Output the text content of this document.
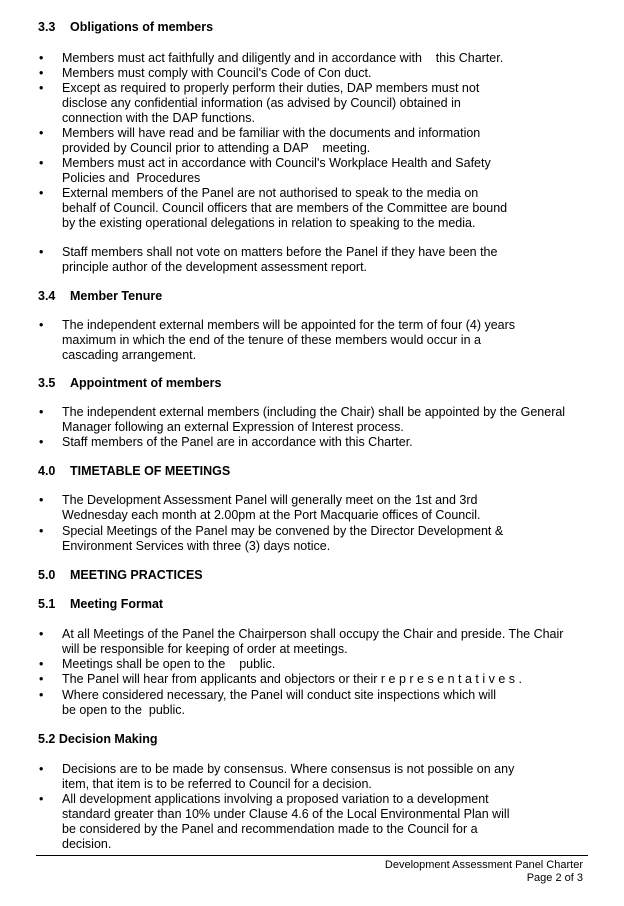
3.3 Obligations of members
• Members must act faithfully and diligently and in accordance with    this Charter.
• Members must comply with Council's Code of Con duct.
• Except as required to properly perform their duties, DAP members must not
disclose any confidential information (as advised by Council) obtained in
connection with the DAP functions.
• Members will have read and be familiar with the documents and information
provided by Council prior to attending a DAP    meeting.
• Members must act in accordance with Council's Workplace Health and Safety
Policies and  Procedures
• External members of the Panel are not authorised to speak to the media on
behalf of Council. Council officers that are members of the Committee are bound
by the existing operational delegations in relation to speaking to the media.
• Staff members shall not vote on matters before the Panel if they have been the
principle author of the development assessment report.
3.4 Member Tenure
• The independent external members will be appointed for the term of four (4) years
maximum in which the end of the tenure of these members would occur in a
cascading arrangement.
3.5 Appointment of members
• The independent external members (including the Chair) shall be appointed by the General
Manager following an external Expression of Interest process.
• Staff members of the Panel are in accordance with this Charter.
4.0 TIMETABLE OF MEETINGS
• The Development Assessment Panel will generally meet on the 1st and 3rd
Wednesday each month at 2.00pm at the Port Macquarie offices of Council.
• Special Meetings of the Panel may be convened by the Director Development &
Environment Services with three (3) days notice.
5.0 MEETING PRACTICES
5.1 Meeting Format
• At all Meetings of the Panel the Chairperson shall occupy the Chair and preside. The Chair
will be responsible for keeping of order at meetings.
• Meetings shall be open to the    public.
• The Panel will hear from applicants and objectors or their r e p r e s e n t a t i v e s .
• Where considered necessary, the Panel will conduct site inspections which will
be open to the  public.
5.2 Decision Making
• Decisions are to be made by consensus. Where consensus is not possible on any
item, that item is to be referred to Council for a decision.
• All development applications involving a proposed variation to a development
standard greater than 10% under Clause 4.6 of the Local Environmental Plan will
be considered by the Panel and recommendation made to the Council for a
decision.
Development Assessment Panel Charter
Page 2 of 3
